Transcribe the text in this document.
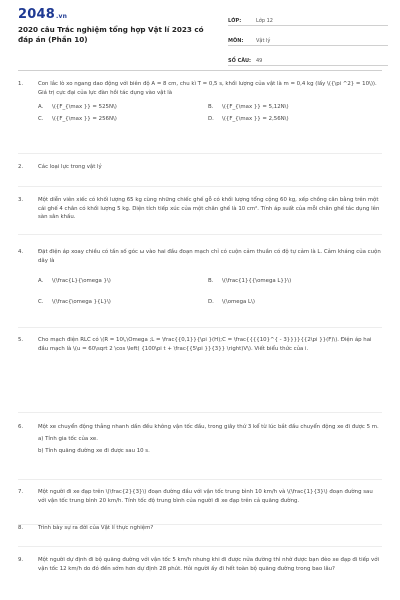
2048.vn
2020 câu Trắc nghiệm tổng hợp Vật lí 2023 có đáp án (Phần 10)
LỚP:	Lớp 12
MÔN:	Vật lý
SỐ CÂU: 49
1.	Con lắc lò xo ngang dao động với biên độ A = 8 cm, chu kì T = 0,5 s, khối lượng của vật là m = 0,4 kg (lấy \({\pi ^2} = 10\)). Giá trị cực đại của lực đàn hồi tác dụng vào vật là
A.	\({F_{\max }} = 525N\)	B.	\({F_{\max }} = 5,12N\)
C.	\({F_{\max }} = 256N\)	D.	\({F_{\max }} = 2,56N\)
2.	Các loại lực trong vật lý
3.	Một diễn viên xiếc có khối lượng 65 kg cùng những chiếc ghế gỗ có khối lượng tổng cộng 60 kg, xếp chồng cân bằng trên một cái ghế 4 chân có khối lượng 5 kg. Diện tích tiếp xúc của một chân ghế là 10 cm². Tính áp suất của mỗi chân ghế tác dụng lên sàn sân khấu.
4.	Đặt điện áp xoay chiều có tần số góc ω vào hai đầu đoạn mạch chỉ có cuộn cảm thuần có độ tự cảm là L. Cảm kháng của cuộn dây là
A.	\(\frac{L}{\omega }\)	B.	\(\frac{1}{{\omega L}}\)
C.	\(\frac{\omega }{L}\)	D.	\(\omega L\)
5.	Cho mạch điện RLC có \(R = 10\,\Omega ;L = \frac{{0,1}}{\pi }(H);C = \frac{{{{10}^{ - 3}}}}{{2\pi }}(F)\). Điện áp hai đầu mạch là \(u = 60\sqrt 2 \cos \left( {100\pi t + \frac{{5\pi }}{3}} \right)V\). Viết biểu thức của i.
6.	Một xe chuyển động thẳng nhanh dần đều không vận tốc đầu, trong giây thứ 3 kể từ lúc bắt đầu chuyển động xe đi được 5 m.
a) Tính gia tốc của xe.
b) Tính quãng đường xe đi được sau 10 s.
7.	Một người đi xe đạp trên \(\frac{2}{3}\) đoạn đường đầu với vận tốc trung bình 10 km/h và \(\frac{1}{3}\) đoạn đường sau với vận tốc trung bình 20 km/h. Tính tốc độ trung bình của người đi xe đạp trên cả quãng đường.
8.	Trình bày sự ra đời của Vật lí thực nghiệm?
9.	Một người dự định đi bộ quãng đường với vận tốc 5 km/h nhưng khi đi được nửa đường thì nhờ được bạn đèo xe đạp đi tiếp với vận tốc 12 km/h do đó đến sớm hơn dự định 28 phút. Hỏi người ấy đi hết toàn bộ quãng đường trong bao lâu?
